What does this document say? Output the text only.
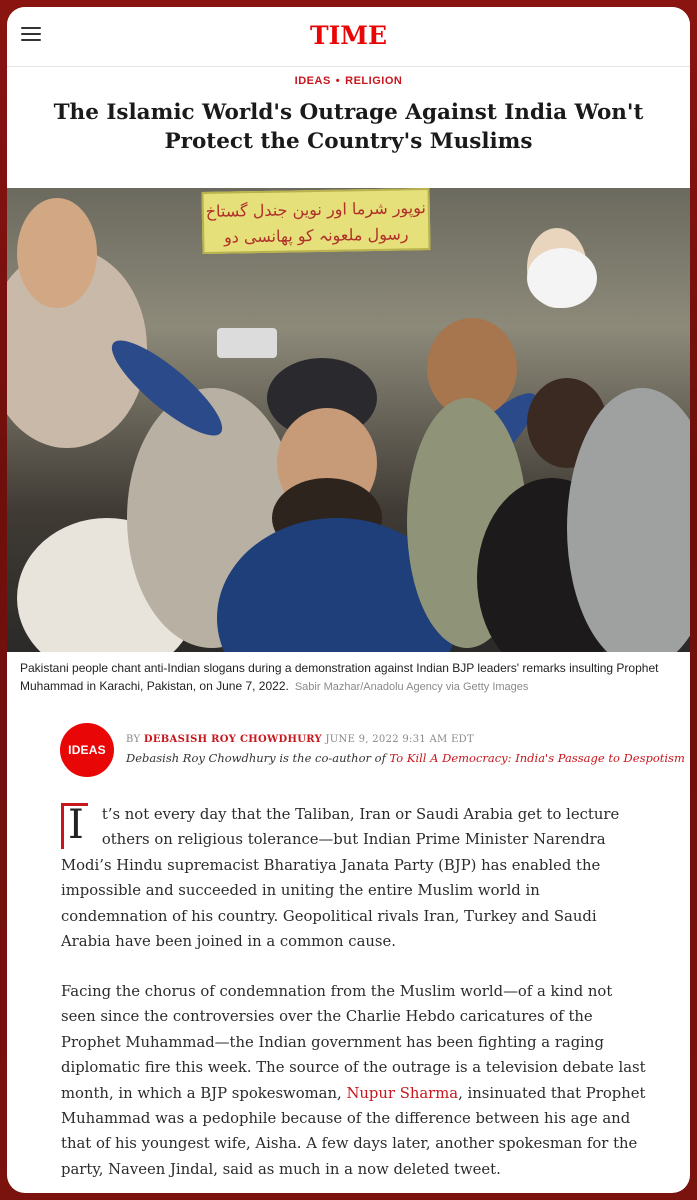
TIME
IDEAS • RELIGION
The Islamic World's Outrage Against India Won't Protect the Country's Muslims
نوپور شرما اور نوین جندل گستاخ رسول ملعونہ کو پھانسی دو

Pakistani people chant anti-Indian slogans during a demonstration against Indian BJP leaders' remarks insulting Prophet Muhammad in Karachi, Pakistan, on June 7, 2022. Sabir Mazhar/Anadolu Agency via Getty Images

IDEAS
BY DEBASISH ROY CHOWDHURY JUNE 9, 2022 9:31 AM EDT
Debasish Roy Chowdhury is the co-author of To Kill A Democracy: India's Passage to Despotism

I t’s not every day that the Taliban, Iran or Saudi Arabia get to lecture others on religious tolerance—but Indian Prime Minister Narendra Modi’s Hindu supremacist Bharatiya Janata Party (BJP) has enabled the impossible and succeeded in uniting the entire Muslim world in condemnation of his country. Geopolitical rivals Iran, Turkey and Saudi Arabia have been joined in a common cause.

Facing the chorus of condemnation from the Muslim world—of a kind not seen since the controversies over the Charlie Hebdo caricatures of the Prophet Muhammad—the Indian government has been fighting a raging diplomatic fire this week. The source of the outrage is a television debate last month, in which a BJP spokeswoman, Nupur Sharma, insinuated that Prophet Muhammad was a pedophile because of the difference between his age and that of his youngest wife, Aisha. A few days later, another spokesman for the party, Naveen Jindal, said as much in a now deleted tweet.
